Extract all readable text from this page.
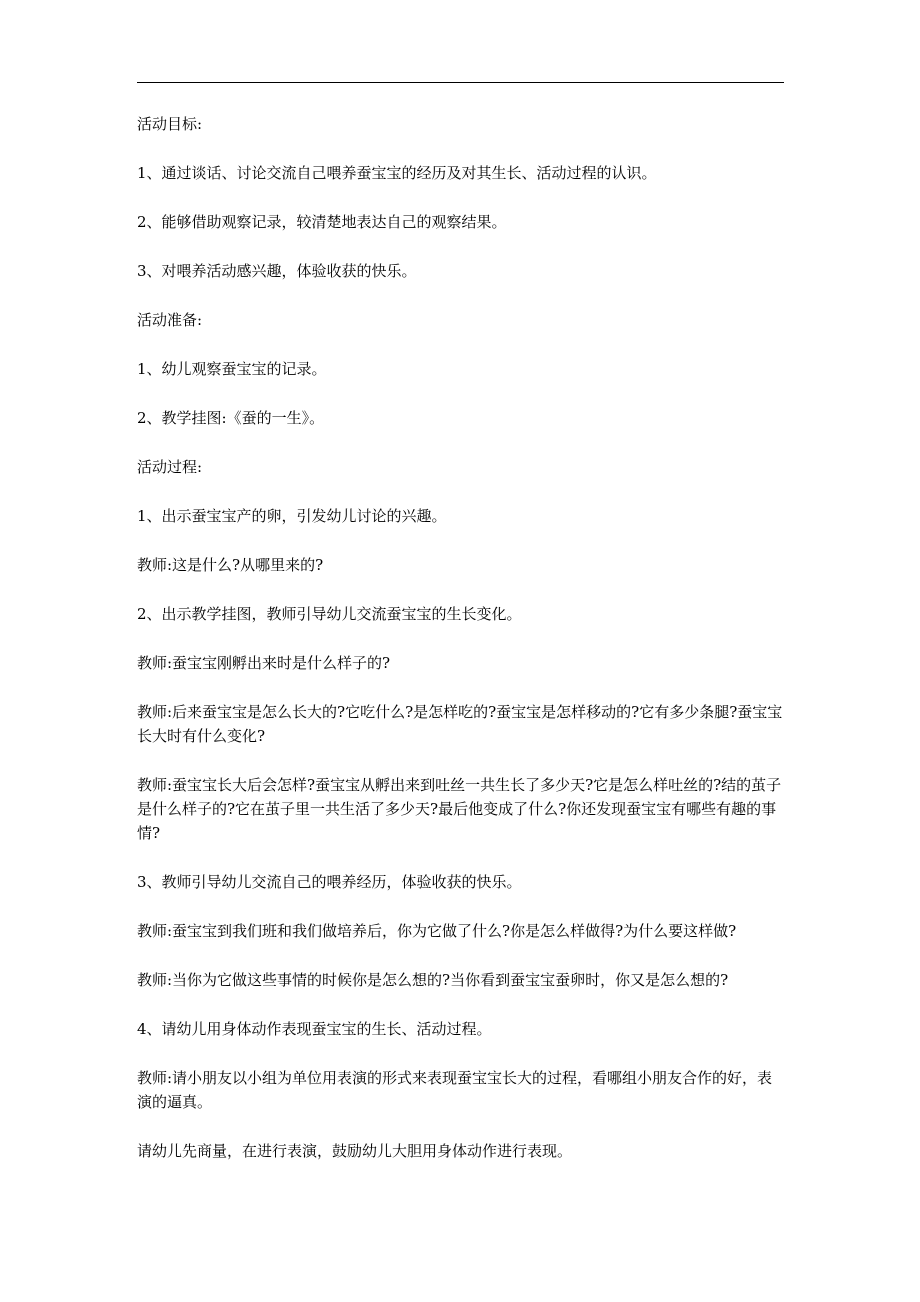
活动目标:

1、通过谈话、讨论交流自己喂养蚕宝宝的经历及对其生长、活动过程的认识。

2、能够借助观察记录，较清楚地表达自己的观察结果。

3、对喂养活动感兴趣，体验收获的快乐。

活动准备:

1、幼儿观察蚕宝宝的记录。

2、教学挂图:《蚕的一生》。

活动过程:

1、出示蚕宝宝产的卵，引发幼儿讨论的兴趣。

教师:这是什么?从哪里来的?

2、出示教学挂图，教师引导幼儿交流蚕宝宝的生长变化。

教师:蚕宝宝刚孵出来时是什么样子的?

教师:后来蚕宝宝是怎么长大的?它吃什么?是怎样吃的?蚕宝宝是怎样移动的?它有多少条腿?蚕宝宝长大时有什么变化?

教师:蚕宝宝长大后会怎样?蚕宝宝从孵出来到吐丝一共生长了多少天?它是怎么样吐丝的?结的茧子是什么样子的?它在茧子里一共生活了多少天?最后他变成了什么?你还发现蚕宝宝有哪些有趣的事情?

3、教师引导幼儿交流自己的喂养经历，体验收获的快乐。

教师:蚕宝宝到我们班和我们做培养后，你为它做了什么?你是怎么样做得?为什么要这样做?

教师:当你为它做这些事情的时候你是怎么想的?当你看到蚕宝宝蚕卵时，你又是怎么想的?

4、请幼儿用身体动作表现蚕宝宝的生长、活动过程。

教师:请小朋友以小组为单位用表演的形式来表现蚕宝宝长大的过程，看哪组小朋友合作的好，表演的逼真。

请幼儿先商量，在进行表演，鼓励幼儿大胆用身体动作进行表现。
